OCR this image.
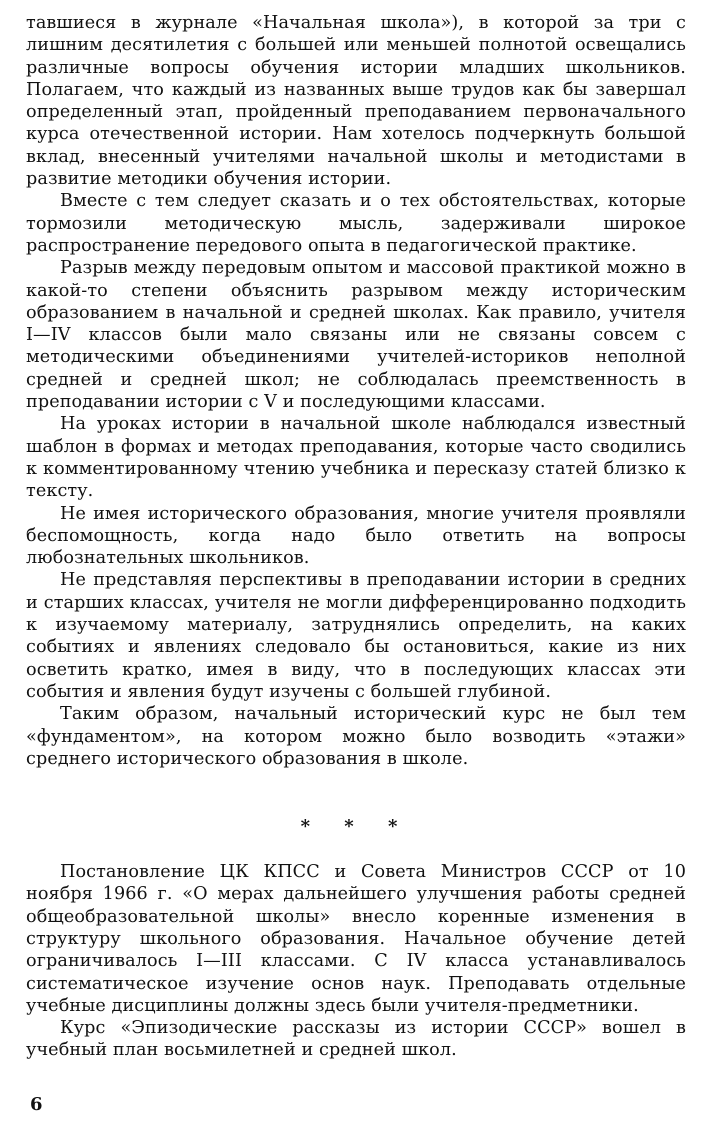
тавшиеся в журнале «Начальная школа»), в которой за три с лишним десятилетия с большей или меньшей полнотой освещались различные вопросы обучения истории младших школьников. Полагаем, что каждый из названных выше трудов как бы завершал определенный этап, пройденный преподаванием первоначального курса отечественной истории. Нам хотелось подчеркнуть большой вклад, внесенный учителями начальной школы и методистами в развитие методики обучения истории.

Вместе с тем следует сказать и о тех обстоятельствах, которые тормозили методическую мысль, задерживали широкое распространение передового опыта в педагогической практике.

Разрыв между передовым опытом и массовой практикой можно в какой-то степени объяснить разрывом между историческим образованием в начальной и средней школах. Как правило, учителя I—IV классов были мало связаны или не связаны совсем с методическими объединениями учителей-историков неполной средней и средней школ; не соблюдалась преемственность в преподавании истории с V и последующими классами.

На уроках истории в начальной школе наблюдался известный шаблон в формах и методах преподавания, которые часто сводились к комментированному чтению учебника и пересказу статей близко к тексту.

Не имея исторического образования, многие учителя проявляли беспомощность, когда надо было ответить на вопросы любознательных школьников.

Не представляя перспективы в преподавании истории в средних и старших классах, учителя не могли дифференцированно подходить к изучаемому материалу, затруднялись определить, на каких событиях и явлениях следовало бы остановиться, какие из них осветить кратко, имея в виду, что в последующих классах эти события и явления будут изучены с большей глубиной.

Таким образом, начальный исторический курс не был тем «фундаментом», на котором можно было возводить «этажи» среднего исторического образования в школе.

* * *

Постановление ЦК КПСС и Совета Министров СССР от 10 ноября 1966 г. «О мерах дальнейшего улучшения работы средней общеобразовательной школы» внесло коренные изменения в структуру школьного образования. Начальное обучение детей ограничивалось I—III классами. С IV класса устанавливалось систематическое изучение основ наук. Преподавать отдельные учебные дисциплины должны здесь были учителя-предметники.

Курс «Эпизодические рассказы из истории СССР» вошел в учебный план восьмилетней и средней школ.

6
